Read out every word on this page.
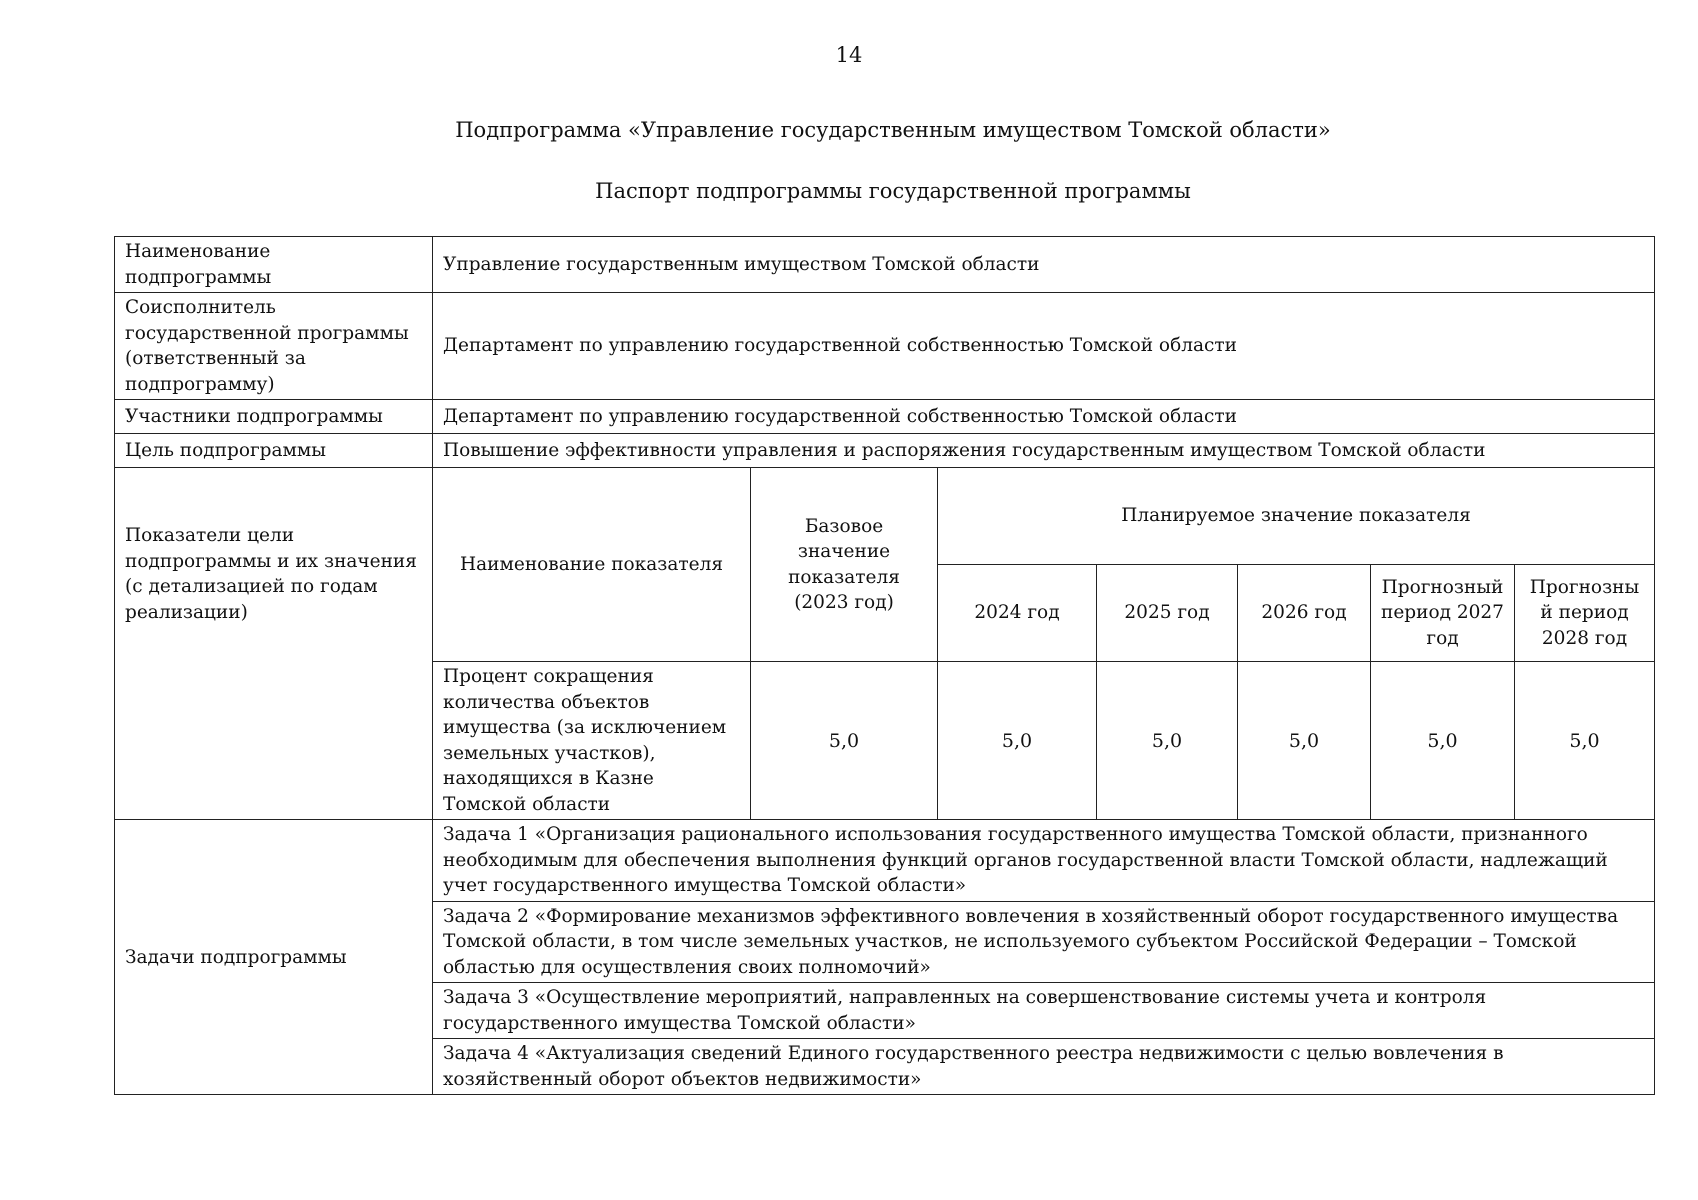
14
Подпрограмма «Управление государственным имуществом Томской области»
Паспорт подпрограммы государственной программы
Наименование подпрограммы	Управление государственным имуществом Томской области						
Соисполнитель государственной программы (ответственный за подпрограмму)	Департамент по управлению государственной собственностью Томской области						
Участники подпрограммы	Департамент по управлению государственной собственностью Томской области						
Цель подпрограммы	Повышение эффективности управления и распоряжения государственным имуществом Томской области						
Показатели цели подпрограммы и их значения (с детализацией по годам реализации)	Наименование показателя	Базовое значение показателя (2023 год)	Планируемое значение показателя				
			2024 год	2025 год	2026 год	Прогнозный период 2027 год	Прогнозный период 2028 год
	Процент сокращения количества объектов имущества (за исключением земельных участков), находящихся в Казне Томской области	5,0	5,0	5,0	5,0	5,0	5,0
Задачи подпрограммы	Задача 1 «Организация рационального использования государственного имущества Томской области, признанного необходимым для обеспечения выполнения функций органов государственной власти Томской области, надлежащий учет государственного имущества Томской области»						
	Задача 2 «Формирование механизмов эффективного вовлечения в хозяйственный оборот государственного имущества Томской области, в том числе земельных участков, не используемого субъектом Российской Федерации – Томской областью для осуществления своих полномочий»						
	Задача 3 «Осуществление мероприятий, направленных на совершенствование системы учета и контроля государственного имущества Томской области»						
	Задача 4 «Актуализация сведений Единого государственного реестра недвижимости с целью вовлечения в хозяйственный оборот объектов недвижимости»						
